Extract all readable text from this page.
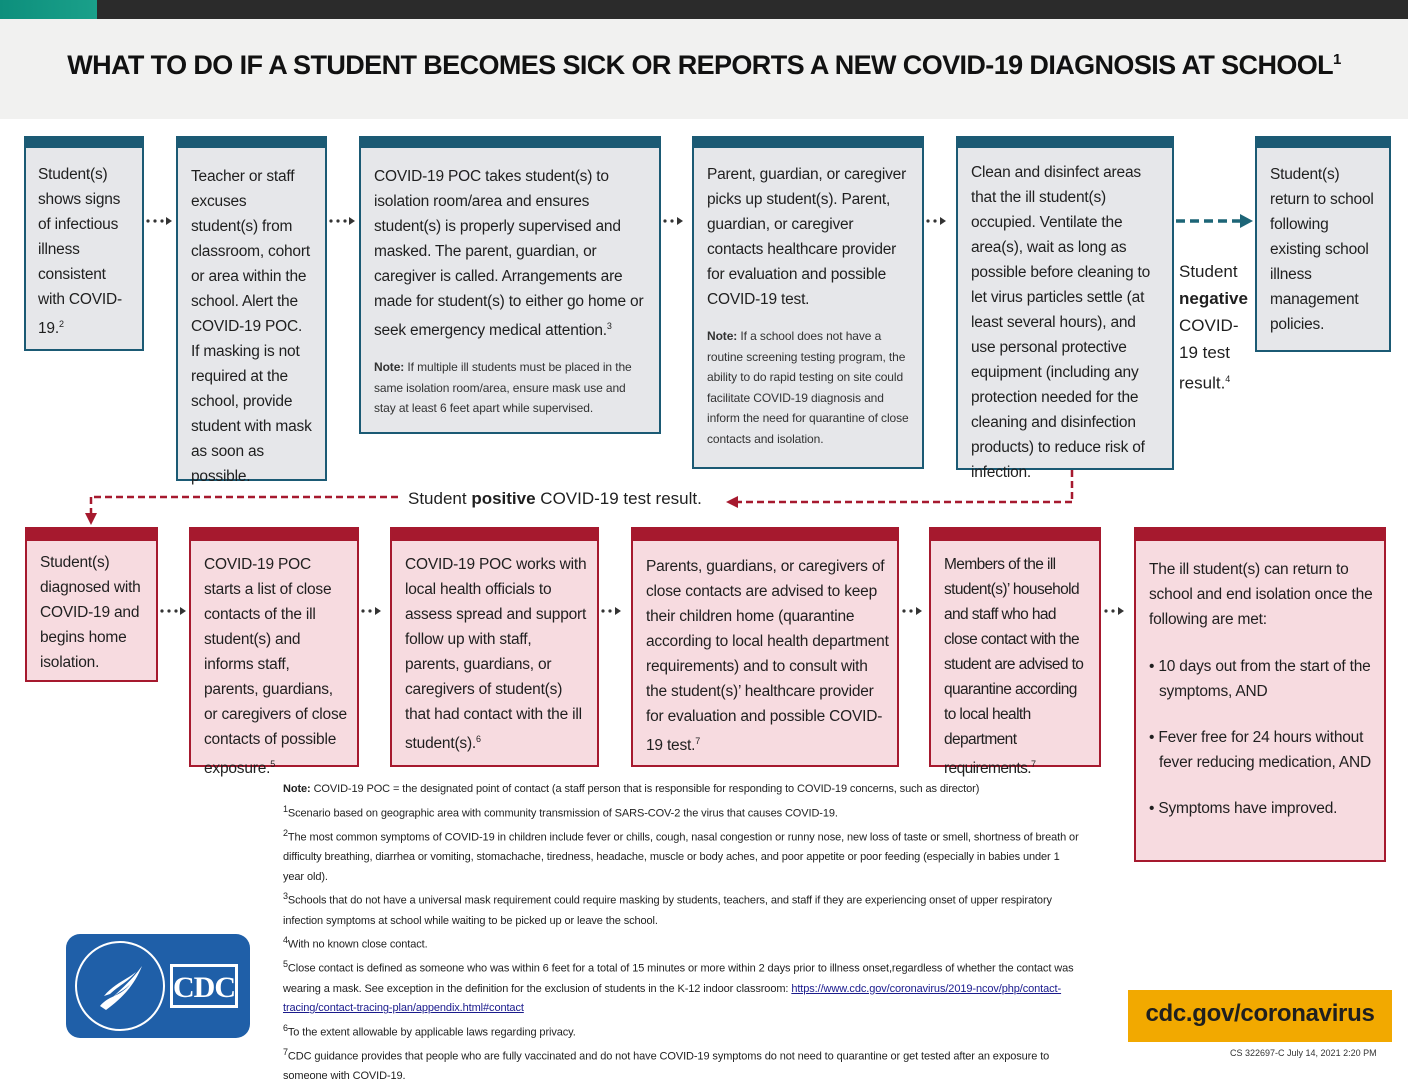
WHAT TO DO IF A STUDENT BECOMES SICK OR REPORTS A NEW COVID-19 DIAGNOSIS AT SCHOOL$^1$
Student(s) shows signs of infectious illness consistent with COVID-19.$^2$
Teacher or staff excuses student(s) from classroom, cohort or area within the school. Alert the COVID-19 POC. If masking is not required at the school, provide student with mask as soon as possible.
COVID-19 POC takes student(s) to isolation room/area and ensures student(s) is properly supervised and masked. The parent, guardian, or caregiver is called. Arrangements are made for student(s) to either go home or seek emergency medical attention.$^3$
Note: If multiple ill students must be placed in the same isolation room/area, ensure mask use and stay at least 6 feet apart while supervised.
Parent, guardian, or caregiver picks up student(s). Parent, guardian, or caregiver contacts healthcare provider for evaluation and possible COVID-19 test.
Note: If a school does not have a routine screening testing program, the ability to do rapid testing on site could facilitate COVID-19 diagnosis and inform the need for quarantine of close contacts and isolation.
Clean and disinfect areas that the ill student(s) occupied. Ventilate the area(s), wait as long as possible before cleaning to let virus particles settle (at least several hours), and use personal protective equipment (including any protection needed for the cleaning and disinfection products) to reduce risk of infection.
Student
negative
COVID-19 test result.$^4$
Student(s) return to school following existing school illness management policies.
Student positive COVID-19 test result.
Student(s) diagnosed with COVID-19 and begins home isolation.
COVID-19 POC starts a list of close contacts of the ill student(s) and informs staff, parents, guardians, or caregivers of close contacts of possible exposure.$^5$
COVID-19 POC works with local health officials to assess spread and support follow up with staff, parents, guardians, or caregivers of student(s) that had contact with the ill student(s).$^6$
Parents, guardians, or caregivers of close contacts are advised to keep their children home (quarantine according to local health department requirements) and to consult with the student(s)’ healthcare provider for evaluation and possible COVID-19 test.$^7$
Members of the ill student(s)’ household and staff who had close contact with the student are advised to quarantine according to local health department requirements.$^7$
The ill student(s) can return to school and end isolation once the following are met:
• 10 days out from the start of the symptoms, AND
• Fever free for 24 hours without fever reducing medication, AND
• Symptoms have improved.

Note: COVID-19 POC = the designated point of contact (a staff person that is responsible for responding to COVID-19 concerns, such as director)

$^1$Scenario based on geographic area with community transmission of SARS-COV-2 the virus that causes COVID-19.

$^2$The most common symptoms of COVID-19 in children include fever or chills, cough, nasal congestion or runny nose, new loss of taste or smell, shortness of breath or difficulty breathing, diarrhea or vomiting, stomachache, tiredness, headache, muscle or body aches, and poor appetite or poor feeding (especially in babies under 1 year old).

$^3$Schools that do not have a universal mask requirement could require masking by students, teachers, and staff if they are experiencing onset of upper respiratory infection symptoms at school while waiting to be picked up or leave the school.

$^4$With no known close contact.

$^5$Close contact is defined as someone who was within 6 feet for a total of 15 minutes or more within 2 days prior to illness onset,regardless of whether the contact was wearing a mask. See exception in the definition for the exclusion of students in the K-12 indoor classroom: https://www.cdc.gov/coronavirus/2019-ncov/php/contact-tracing/contact-tracing-plan/appendix.html#contact

$^6$To the extent allowable by applicable laws regarding privacy.

$^7$CDC guidance provides that people who are fully vaccinated and do not have COVID-19 symptoms do not need to quarantine or get tested after an exposure to someone with COVID-19.

CDC
cdc.gov/coronavirus
CS 322697-C July 14, 2021 2:20 PM
